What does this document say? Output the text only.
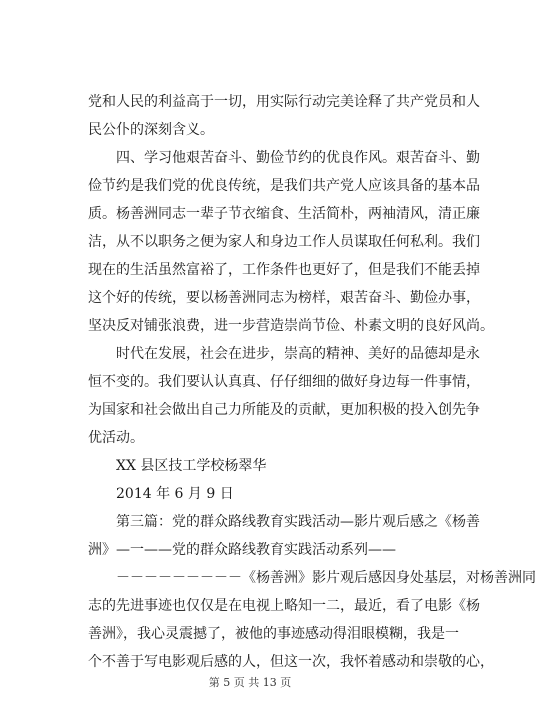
党和人民的利益高于一切，用实际行动完美诠释了共产党员和人
民公仆的深刻含义。
四、学习他艰苦奋斗、勤俭节约的优良作风。艰苦奋斗、勤
俭节约是我们党的优良传统，是我们共产党人应该具备的基本品
质。杨善洲同志一辈子节衣缩食、生活简朴，两袖清风，清正廉
洁，从不以职务之便为家人和身边工作人员谋取任何私利。我们
现在的生活虽然富裕了，工作条件也更好了，但是我们不能丢掉
这个好的传统，要以杨善洲同志为榜样，艰苦奋斗、勤俭办事，
坚决反对铺张浪费，进一步营造崇尚节俭、朴素文明的良好风尚。
时代在发展，社会在进步，崇高的精神、美好的品德却是永
恒不变的。我们要认认真真、仔仔细细的做好身边每一件事情，
为国家和社会做出自己力所能及的贡献，更加积极的投入创先争
优活动。
XX 县区技工学校杨翠华
2014 年 6 月 9 日
第三篇：党的群众路线教育实践活动—影片观后感之《杨善
洲》—一——党的群众路线教育实践活动系列——
－－－－－－－－－《杨善洲》影片观后感因身处基层，对杨善洲同
志的先进事迹也仅仅是在电视上略知一二，最近，看了电影《杨
善洲》，我心灵震撼了，被他的事迹感动得泪眼模糊，我是一
个不善于写电影观后感的人，但这一次，我怀着感动和崇敬的心，
第 5 页 共 13 页
